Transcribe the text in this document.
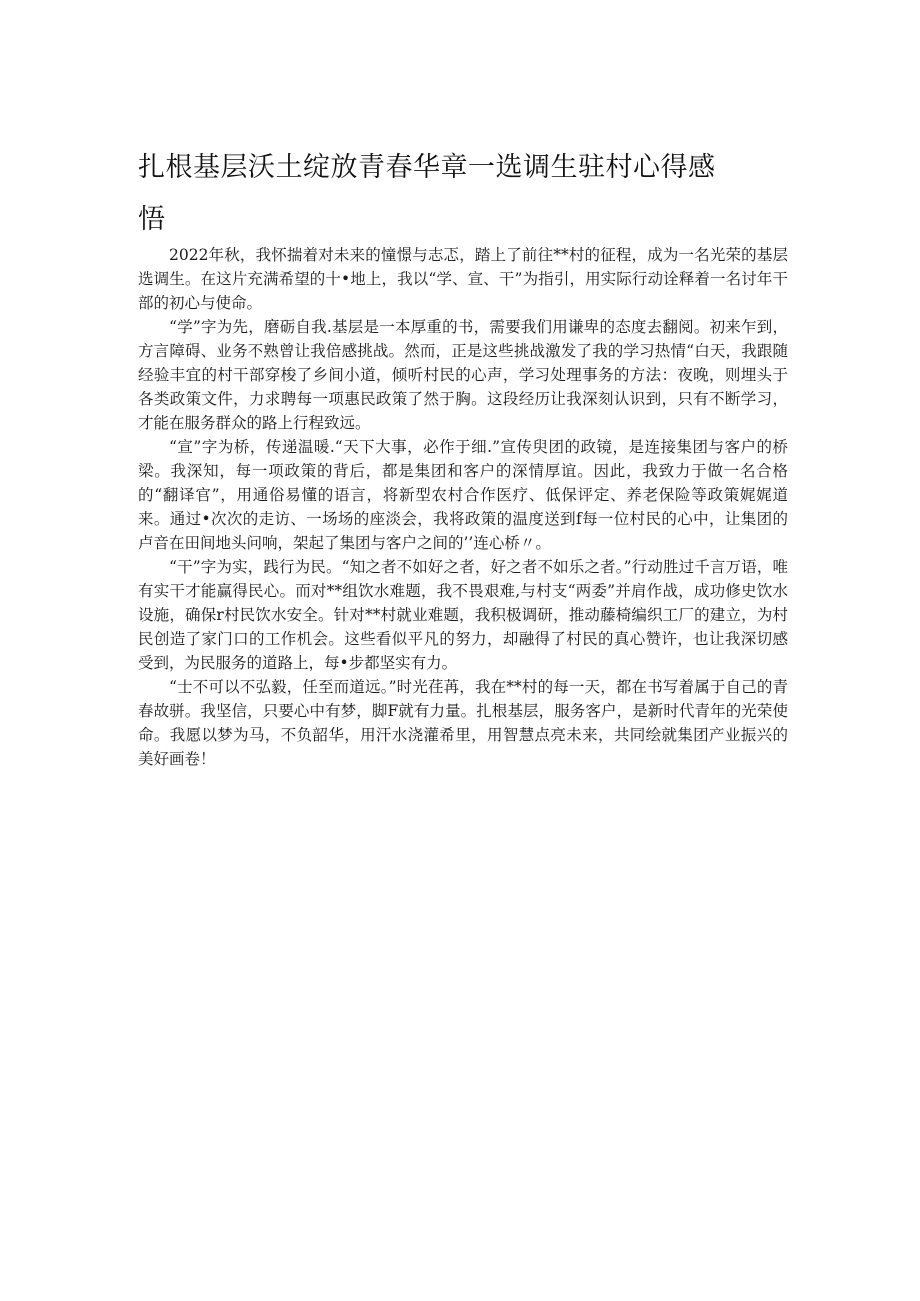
扎根基层沃土绽放青春华章一选调生驻村心得感悟

2022年秋，我怀揣着对未来的憧憬与志忑，踏上了前往**村的征程，成为一名光荣的基层选调生。在这片充满希望的十•地上，我以“学、宣、干”为指引，用实际行动诠释着一名讨年干部的初心与使命。

“学”字为先，磨砺自我.基层是一本厚重的书，需要我们用谦卑的态度去翻阅。初来乍到，方言障碍、业务不熟曾让我倍感挑战。然而，正是这些挑战激发了我的学习热情“白天，我跟随经验丰宜的村干部穿梭了乡间小道，倾听村民的心声，学习处理事务的方法：夜晚，则埋头于各类政策文件，力求聘每一项惠民政策了然于胸。这段经历让我深刻认识到，只有不断学习，才能在服务群众的路上行程致远。

“宣”字为桥，传递温暖.“天下大事，必作于细.”宣传臾团的政镜，是连接集团与客户的桥梁。我深知，每一项政策的背后，都是集团和客户的深情厚谊。因此，我致力于做一名合格的“翻译官”，用通俗易懂的语言，将新型农村合作医疗、低保评定、养老保险等政策娓娓道来。通过•次次的走访、一场场的座淡会，我将政策的温度送到f每一位村民的心中，让集团的卢音在田间地头问响，架起了集团与客户之间的’’连心桥〃。

“干”字为实，践行为民。“知之者不如好之者，好之者不如乐之者。”行动胜过千言万语，唯有实干才能赢得民心。而对**组饮水难题，我不畏艰难,与村支“两委”并肩作战，成功修史饮水设施，确保r村民饮水安全。针对**村就业难题，我积极调研，推动藤椅编织工厂的建立，为村民创造了家门口的工作机会。这些看似平凡的努力，却融得了村民的真心赞许，也让我深切感受到，为民服务的道路上，每•步都坚实有力。

“士不可以不弘毅，任至而道远。”时光荏苒，我在**村的每一天，都在书写着属于自己的青春故骈。我坚信，只要心中有梦，脚F就有力量。扎根基层，服务客户，是新时代青年的光荣使命。我愿以梦为马，不负韶华，用汗水浇灌希里，用智慧点亮未来，共同绘就集团产业振兴的美好画卷！
